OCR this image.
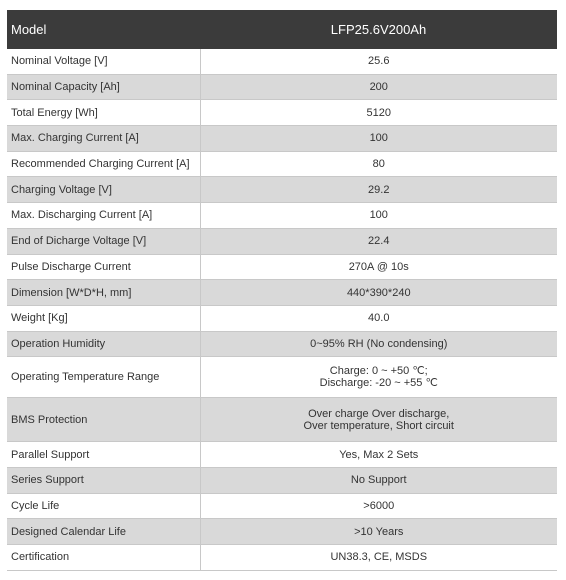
Model	LFP25.6V200Ah
Nominal Voltage [V]	25.6
Nominal Capacity [Ah]	200
Total Energy [Wh]	5120
Max. Charging Current [A]	100
Recommended Charging Current [A]	80
Charging Voltage [V]	29.2
Max. Discharging Current [A]	100
End of Dicharge Voltage [V]	22.4
Pulse Discharge Current	270A @ 10s
Dimension [W*D*H, mm]	440*390*240
Weight [Kg]	40.0
Operation Humidity	0~95% RH (No condensing)
Operating Temperature Range	Charge: 0 ~ +50 ℃;
Discharge: -20 ~ +55 ℃

BMS Protection	Over charge Over discharge,
Over temperature, Short circuit

Parallel Support	Yes, Max 2 Sets
Series Support	No Support
Cycle Life	>6000
Designed Calendar Life	>10 Years
Certification	UN38.3, CE, MSDS
